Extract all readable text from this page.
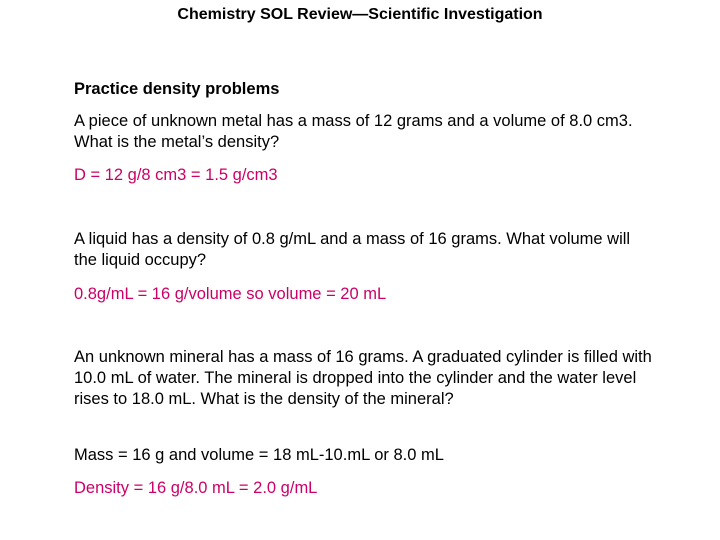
Chemistry SOL Review—Scientific Investigation

Practice density problems

A piece of unknown metal has a mass of 12 grams and a volume of 8.0 cm3. What is the metal’s density?

D = 12 g/8 cm3 = 1.5 g/cm3

A liquid has a density of 0.8 g/mL and a mass of 16 grams. What volume will the liquid occupy?

0.8g/mL = 16 g/volume so volume = 20 mL

An unknown mineral has a mass of 16 grams. A graduated cylinder is filled with 10.0 mL of water. The mineral is dropped into the cylinder and the water level rises to 18.0 mL. What is the density of the mineral?

Mass = 16 g and volume = 18 mL-10.mL or 8.0 mL

Density = 16 g/8.0 mL = 2.0 g/mL
